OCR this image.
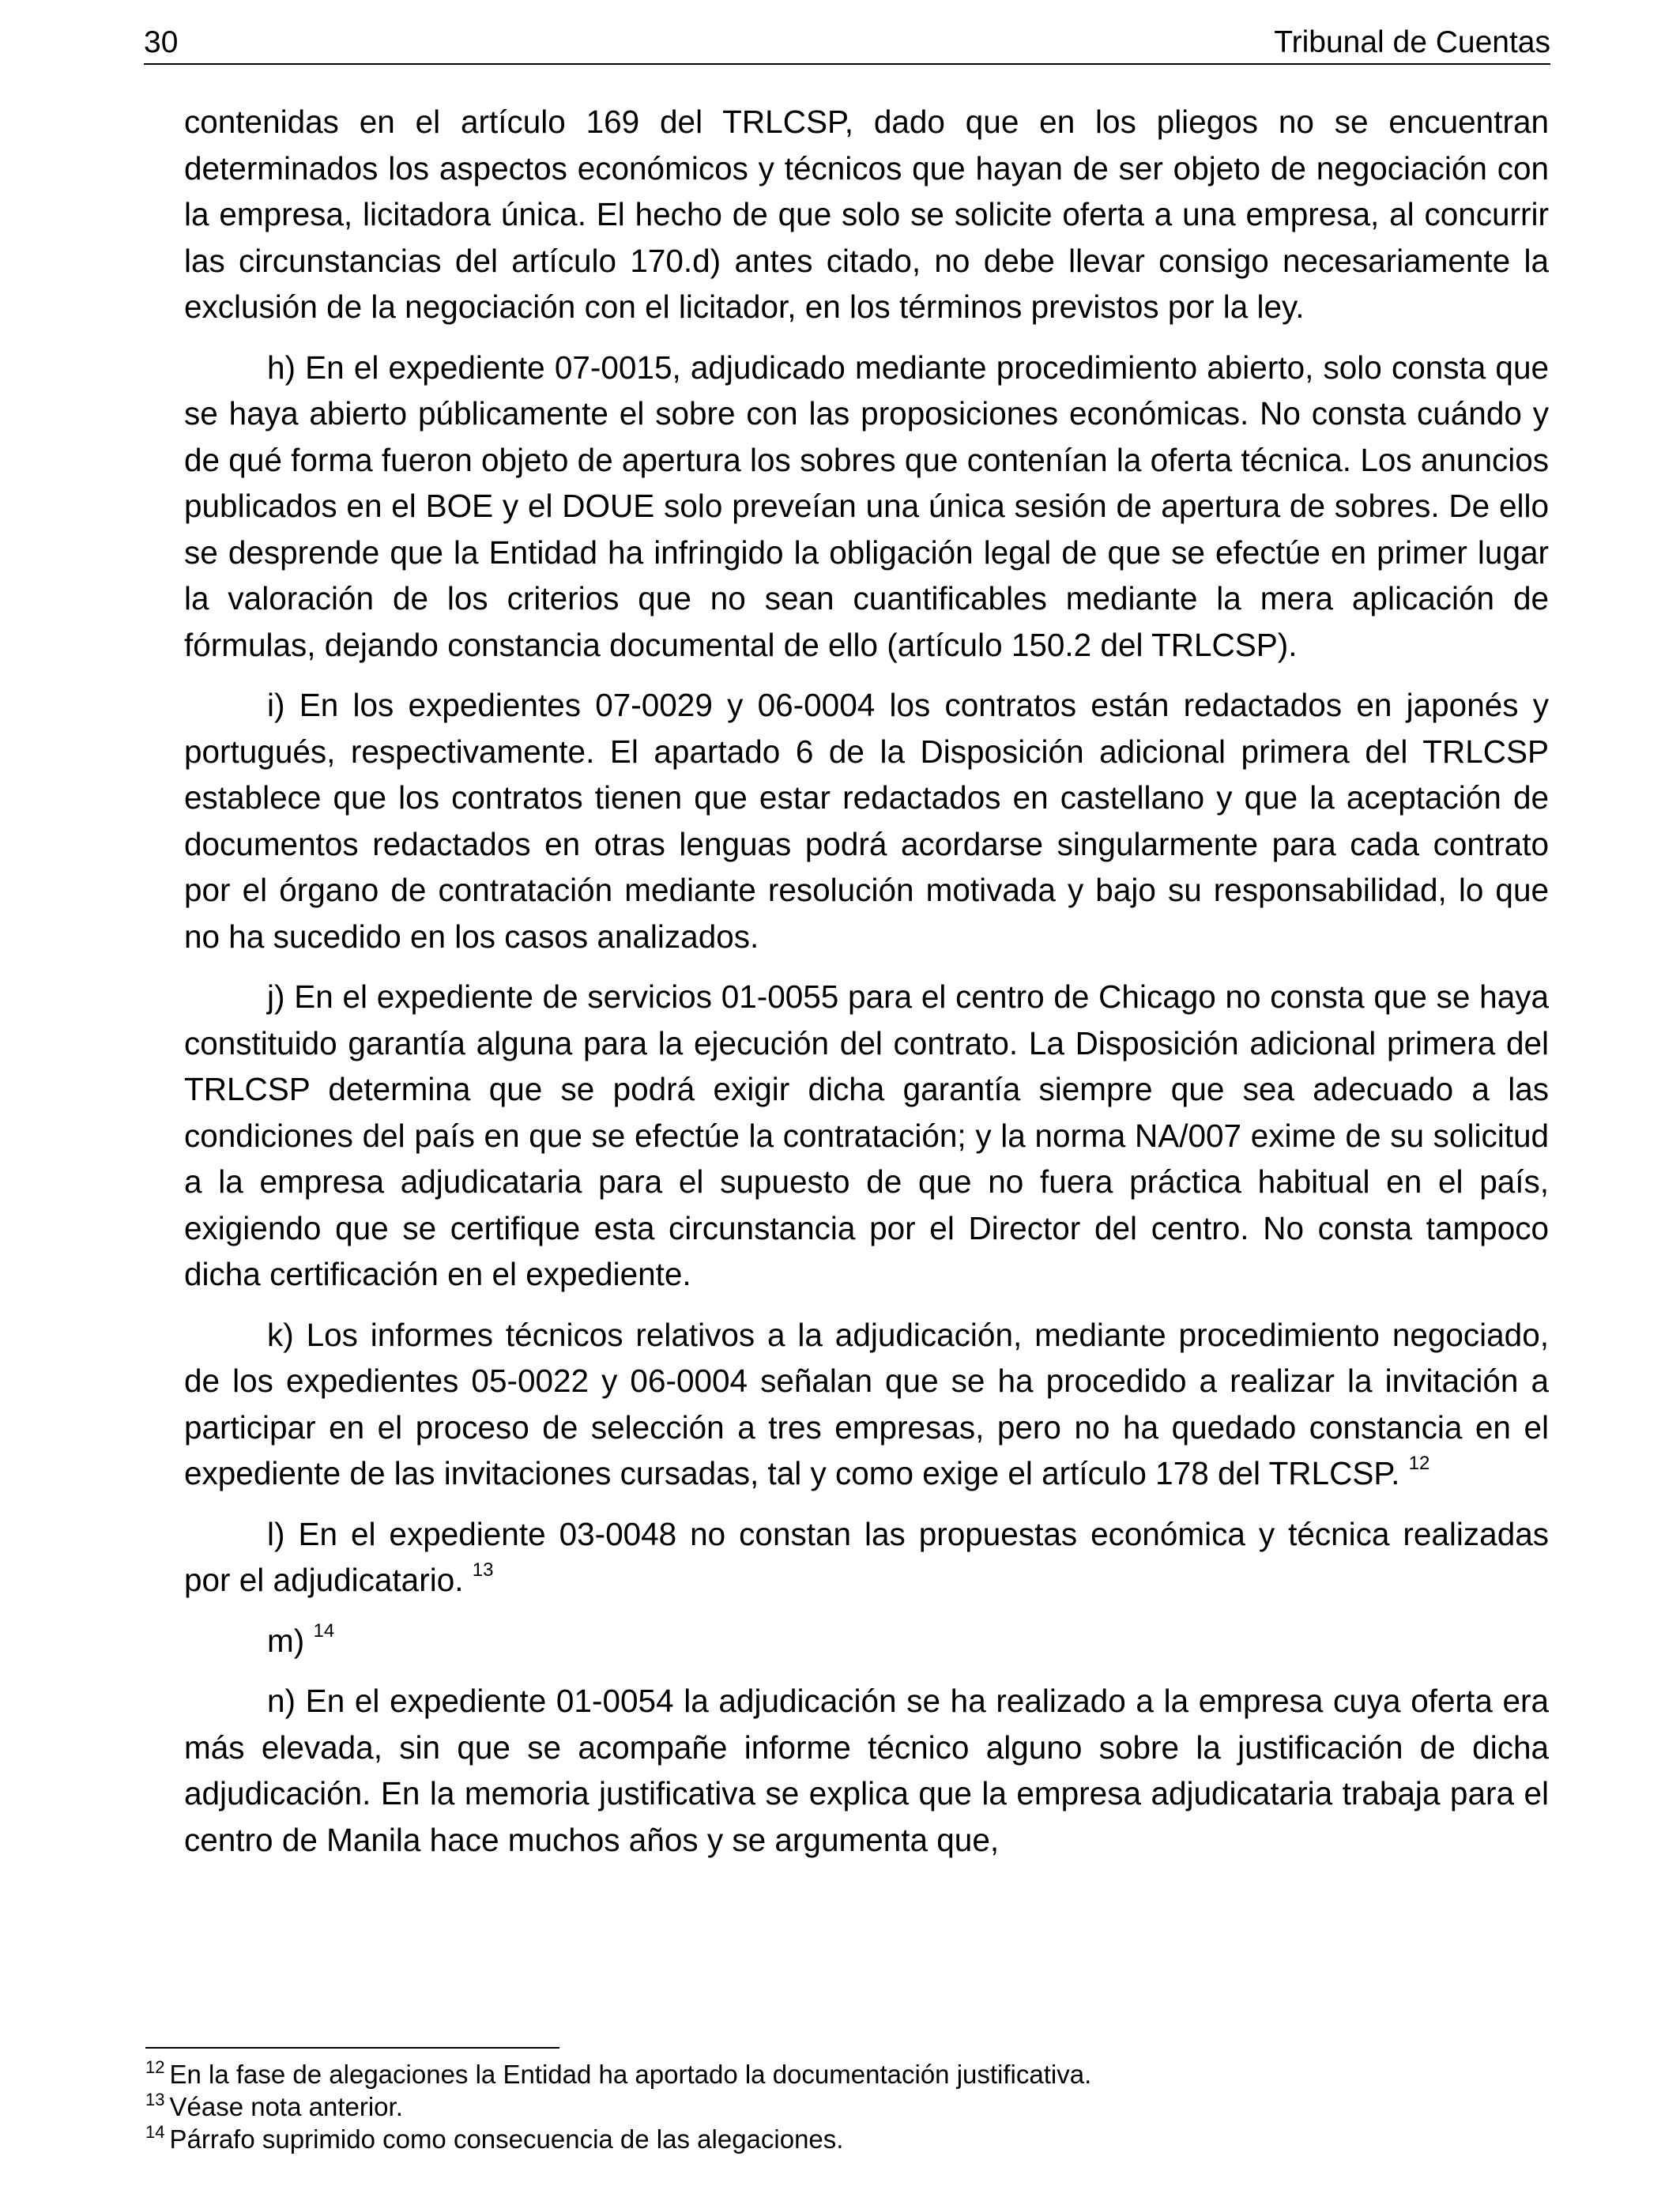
30	Tribunal de Cuentas

contenidas en el artículo 169 del TRLCSP, dado que en los pliegos no se encuentran determinados los aspectos económicos y técnicos que hayan de ser objeto de negociación con la empresa, licitadora única. El hecho de que solo se solicite oferta a una empresa, al concurrir las circunstancias del artículo 170.d) antes citado, no debe llevar consigo necesariamente la exclusión de la negociación con el licitador, en los términos previstos por la ley.

h) En el expediente 07-0015, adjudicado mediante procedimiento abierto, solo consta que se haya abierto públicamente el sobre con las proposiciones económicas. No consta cuándo y de qué forma fueron objeto de apertura los sobres que contenían la oferta técnica. Los anuncios publicados en el BOE y el DOUE solo preveían una única sesión de apertura de sobres. De ello se desprende que la Entidad ha infringido la obligación legal de que se efectúe en primer lugar la valoración de los criterios que no sean cuantificables mediante la mera aplicación de fórmulas, dejando constancia documental de ello (artículo 150.2 del TRLCSP).

i) En los expedientes 07-0029 y 06-0004 los contratos están redactados en japonés y portugués, respectivamente. El apartado 6 de la Disposición adicional primera del TRLCSP establece que los contratos tienen que estar redactados en castellano y que la aceptación de documentos redactados en otras lenguas podrá acordarse singularmente para cada contrato por el órgano de contratación mediante resolución motivada y bajo su responsabilidad, lo que no ha sucedido en los casos analizados.

j) En el expediente de servicios 01-0055 para el centro de Chicago no consta que se haya constituido garantía alguna para la ejecución del contrato. La Disposición adicional primera del TRLCSP determina que se podrá exigir dicha garantía siempre que sea adecuado a las condiciones del país en que se efectúe la contratación; y la norma NA/007 exime de su solicitud a la empresa adjudicataria para el supuesto de que no fuera práctica habitual en el país, exigiendo que se certifique esta circunstancia por el Director del centro. No consta tampoco dicha certificación en el expediente.

k) Los informes técnicos relativos a la adjudicación, mediante procedimiento negociado, de los expedientes 05-0022 y 06-0004 señalan que se ha procedido a realizar la invitación a participar en el proceso de selección a tres empresas, pero no ha quedado constancia en el expediente de las invitaciones cursadas, tal y como exige el artículo 178 del TRLCSP. $^{12}$

l) En el expediente 03-0048 no constan las propuestas económica y técnica realizadas por el adjudicatario. $^{13}$

m) $^{14}$

n) En el expediente 01-0054 la adjudicación se ha realizado a la empresa cuya oferta era más elevada, sin que se acompañe informe técnico alguno sobre la justificación de dicha adjudicación. En la memoria justificativa se explica que la empresa adjudicataria trabaja para el centro de Manila hace muchos años y se argumenta que,

$^{12}$ En la fase de alegaciones la Entidad ha aportado la documentación justificativa.
$^{13}$ Véase nota anterior.
$^{14}$ Párrafo suprimido como consecuencia de las alegaciones.
